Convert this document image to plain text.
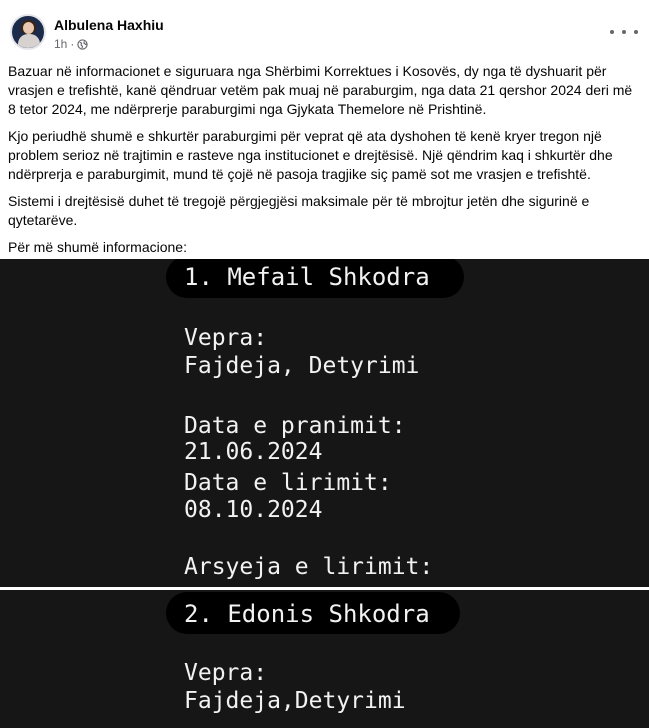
Albulena Haxhiu
1h ·

Bazuar në informacionet e siguruara nga Shërbimi Korrektues i Kosovës, dy nga të dyshuarit për vrasjen e trefishtë, kanë qëndruar vetëm pak muaj në paraburgim, nga data 21 qershor 2024 deri më 8 tetor 2024, me ndërprerje paraburgimi nga Gjykata Themelore në Prishtinë.

Kjo periudhë shumë e shkurtër paraburgimi për veprat që ata dyshohen të kenë kryer tregon një problem serioz në trajtimin e rasteve nga institucionet e drejtësisë. Një qëndrim kaq i shkurtër dhe ndërprerja e paraburgimit, mund të çojë në pasoja tragjike siç pamë sot me vrasjen e trefishtë.

Sistemi i drejtësisë duhet të tregojë përgjegjësi maksimale për të mbrojtur jetën dhe sigurinë e qytetarëve.

Për më shumë informacione:

1. Mefail Shkodra
Vepra:
Fajdeja, Detyrimi
Data e pranimit:
21.06.2024
Data e lirimit:
08.10.2024
Arsyeja e lirimit:
2. Edonis Shkodra
Vepra:
Fajdeja,Detyrimi
